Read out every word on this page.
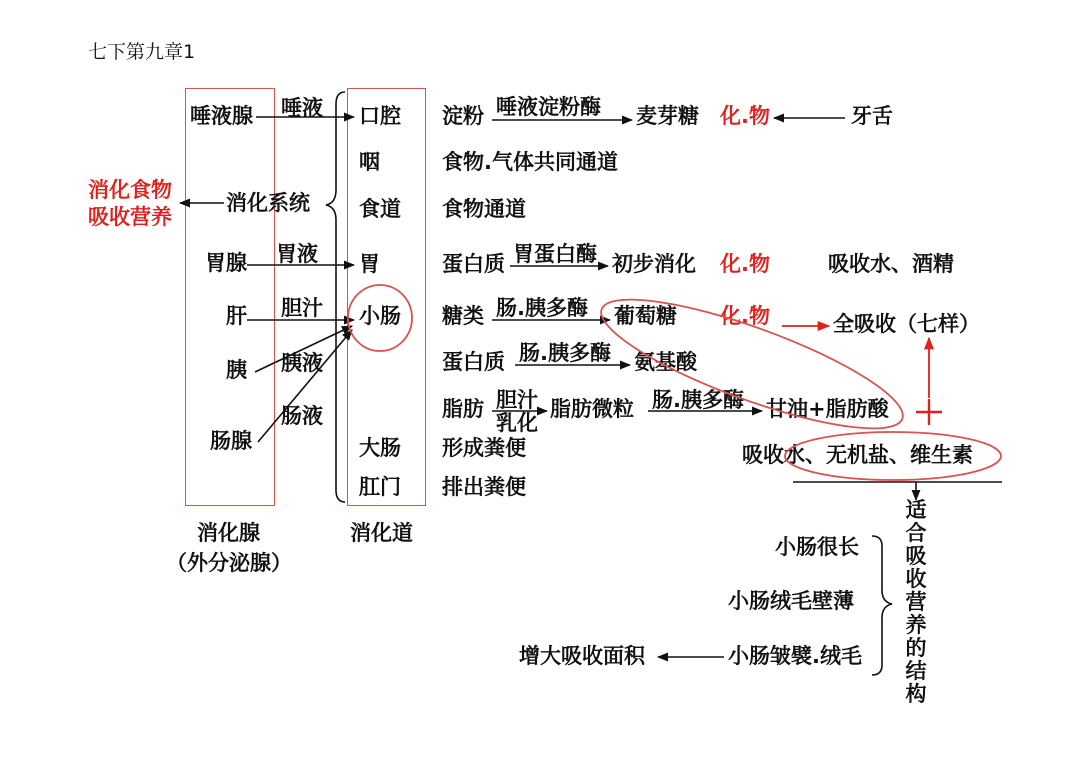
七下第九章1
消化食物
吸收营养
消化系统
唾液腺
胃腺
肝
胰
肠腺
唾液
胃液
胆汁
胰液
肠液
口腔
咽
食道
胃
小肠
大肠
肛门
消化腺
（外分泌腺）
消化道
淀粉 唾液淀粉酶 麦芽糖 化.物	牙舌
食物.气体共同通道
食物通道
蛋白质 胃蛋白酶 初步消化 化.物	吸收水、酒精
糖类 肠.胰多酶 葡萄糖 化.物	全吸收（七样）
蛋白质 肠.胰多酶 氨基酸
脂肪 胆汁
乳化
脂肪微粒 肠.胰多酶 甘油+脂肪酸
吸收水、无机盐、维生素
形成粪便
排出粪便
适合吸收营养的结构
小肠很长
小肠绒毛壁薄
小肠皱襞.绒毛
增大吸收面积
